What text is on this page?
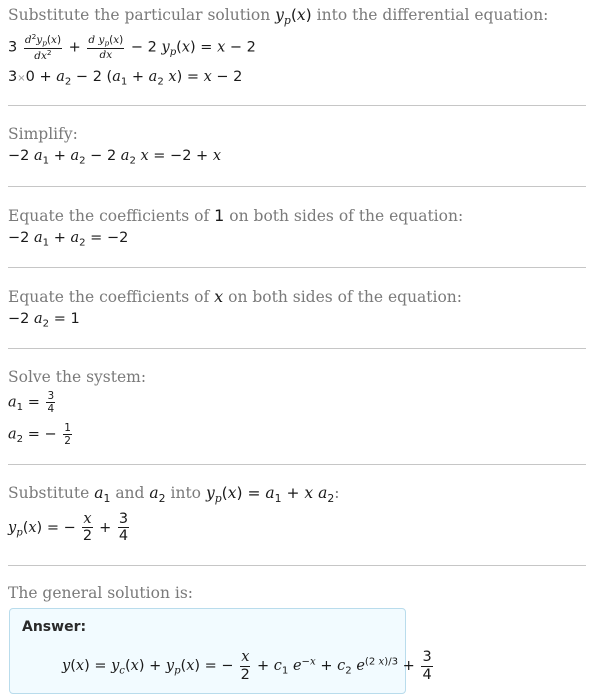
Substitute the particular solution $y_p(x)$ into the differential equation:
$3 \frac{d^2y_p(x)}{dx^2} + \frac{d y_p(x)}{dx} - 2$ $y_p(x) = x - 2$
$3\times 0 + a_2 - 2$ ($a_1 + a_2$ x) = x − 2
Simplify:
−2 $a_1 + a_2 - 2$ $a_2$ x = −2 + x
Equate the coefficients of 1 on both sides of the equation:
−2 $a_1 + a_2 = -2$
Equate the coefficients of x on both sides of the equation:
−2 $a_2 = 1$
Solve the system:
$a_1 = \frac{3}{4}$
$a_2$ = − $\frac{1}{2}$
Substitute $a_1$ and $a_2$ into $y_p(x) = a_1 + x$ $a_2$:
$y_p(x)$ = − $\frac{x}{2} + \frac{3}{4}$
The general solution is:
Answer:
$y(x) = y_c(x) + y_p(x)$ = − $\frac{x}{2} + c_1$ $e^{-x} + c_2$ $e^{(2 x)/3} + \frac{3}{4}$
